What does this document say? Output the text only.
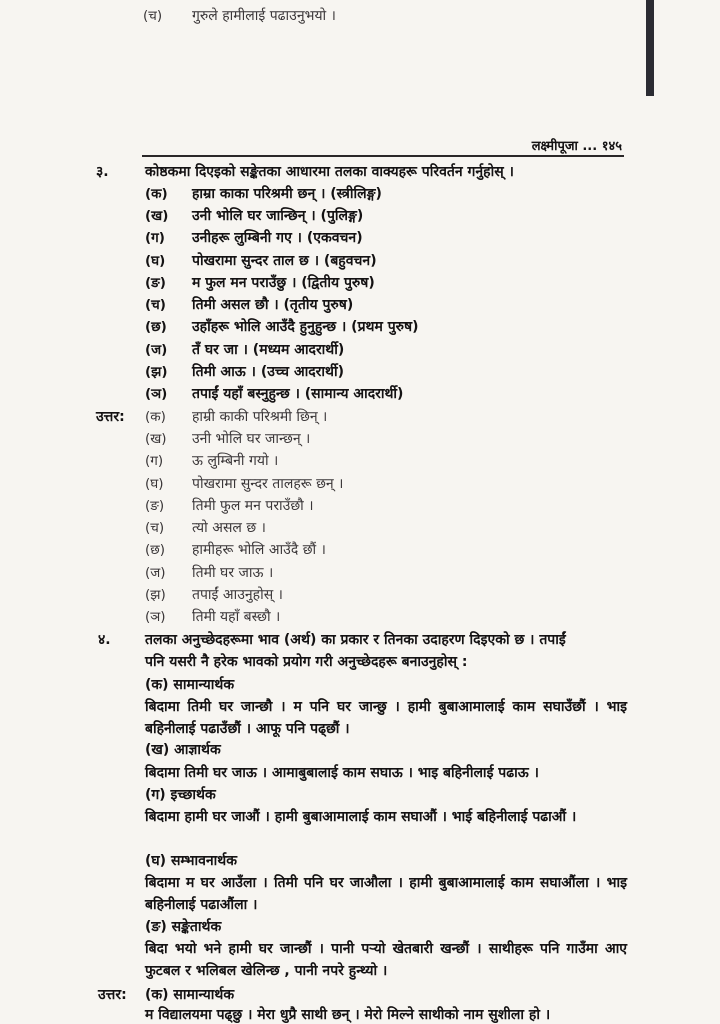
(च) गुरुले हामीलाई पढाउनुभयो ।
लक्ष्मीपूजा ... १४५
३.	कोष्ठकमा दिएइको सङ्केतका आधारमा तलका वाक्यहरू परिवर्तन गर्नुहोस् ।
(क) हाम्रा काका परिश्रमी छन् । (स्त्रीलिङ्ग)
(ख) उनी भोलि घर जान्छिन् । (पुलिङ्ग)
(ग) उनीहरू लुम्बिनी गए । (एकवचन)
(घ) पोखरामा सुन्दर ताल छ । (बहुवचन)
(ङ) म फुल मन पराउँछु । (द्वितीय पुरुष)
(च) तिमी असल छौ । (तृतीय पुरुष)
(छ) उहाँहरू भोलि आउँदै हुनुहुन्छ । (प्रथम पुरुष)
(ज) तँ घर जा । (मध्यम आदरार्थी)
(झ) तिमी आऊ । (उच्च आदरार्थी)
(ञ) तपाईं यहाँ बस्नुहुन्छ । (सामान्य आदरार्थी)
उत्तर: (क) हाम्री काकी परिश्रमी छिन् ।
(ख) उनी भोलि घर जान्छन् ।
(ग) ऊ लुम्बिनी गयो ।
(घ) पोखरामा सुन्दर तालहरू छन् ।
(ङ) तिमी फुल मन पराउँछौ ।
(च) त्यो असल छ ।
(छ) हामीहरू भोलि आउँदै छौं ।
(ज) तिमी घर जाऊ ।
(झ) तपाईं आउनुहोस् ।
(ञ) तिमी यहाँ बस्छौ ।
४. तलका अनुच्छेदहरूमा भाव (अर्थ) का प्रकार र तिनका उदाहरण दिइएको छ । तपाईं
पनि यसरी नै हरेक भावको प्रयोग गरी अनुच्छेदहरू बनाउनुहोस् :
(क) सामान्यार्थक
बिदामा तिमी घर जान्छौ । म पनि घर जान्छु । हामी बुबाआमालाई काम सघाउँछौं । भाइ बहिनीलाई पढाउँछौं । आफू पनि पढ्छौं ।
(ख) आज्ञार्थक
बिदामा तिमी घर जाऊ । आमाबुबालाई काम सघाऊ । भाइ बहिनीलाई पढाऊ ।
(ग) इच्छार्थक
बिदामा हामी घर जाऔं । हामी बुबाआमालाई काम सघाऔं । भाई बहिनीलाई पढाऔं ।
(घ) सम्भावनार्थक
बिदामा म घर आउँला । तिमी पनि घर जाऔला । हामी बुबाआमालाई काम सघाऔंला । भाइ बहिनीलाई पढाऔंला ।
(ङ) सङ्केतार्थक
बिदा भयो भने हामी घर जान्छौं । पानी पऱ्यो खेतबारी खन्छौं । साथीहरू पनि गाउँमा आए फुटबल र भलिबल खेलिन्छ , पानी नपरे हुन्थ्यो ।
उत्तर: (क) सामान्यार्थक
म विद्यालयमा पढ्छु । मेरा धुप्रै साथी छन् । मेरो मिल्ने साथीको नाम सुशीला हो ।
